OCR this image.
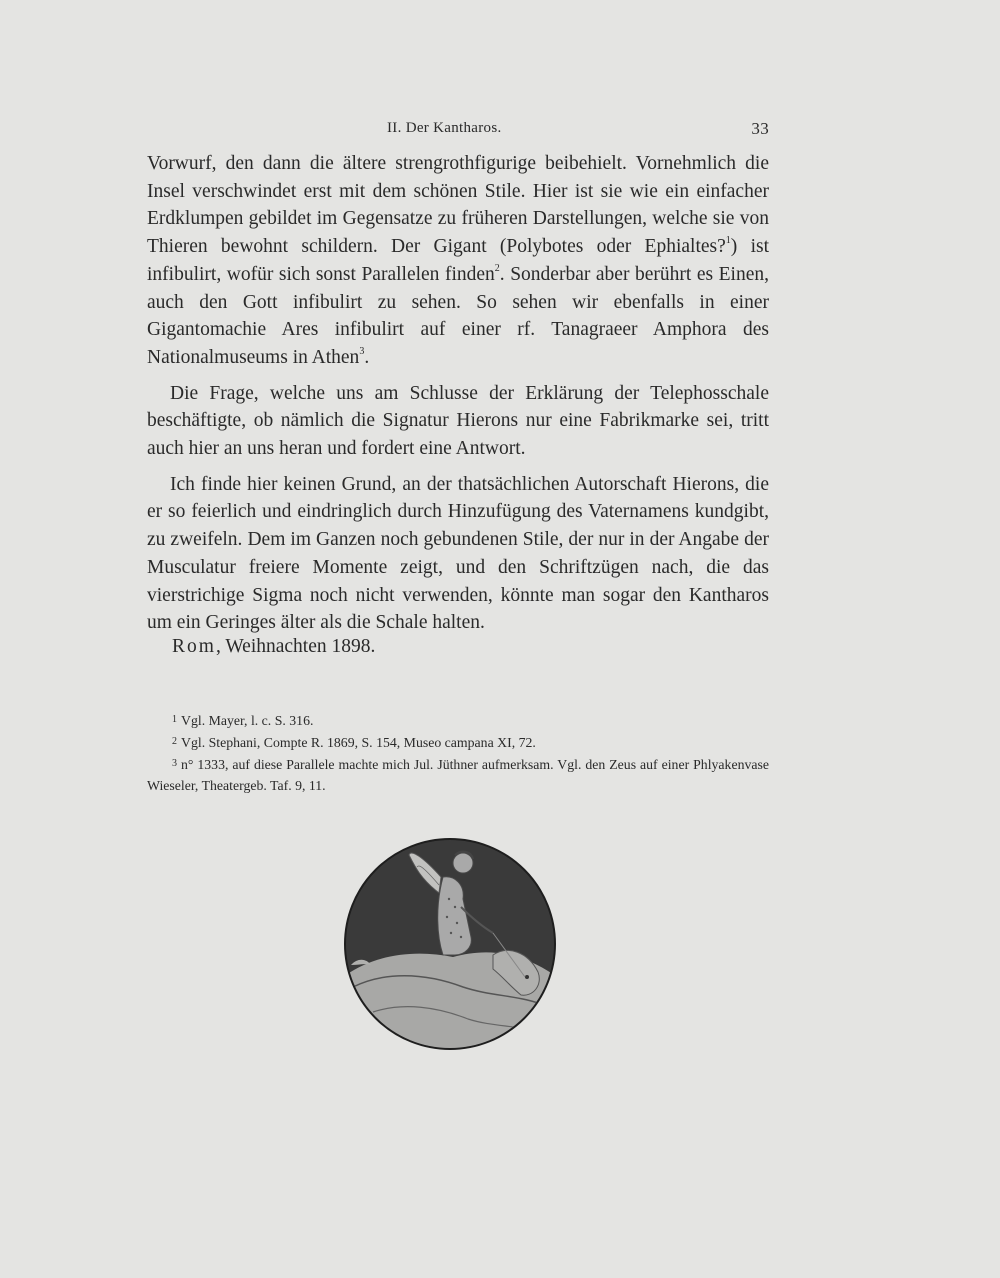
II. Der Kantharos.	33

Vorwurf, den dann die ältere strengrothfigurige beibehielt. Vornehmlich die Insel verschwindet erst mit dem schönen Stile. Hier ist sie wie ein einfacher Erdklumpen gebildet im Gegensatze zu früheren Darstellungen, welche sie von Thieren bewohnt schildern. Der Gigant (Polybotes oder Ephialtes?$^1$) ist infibulirt, wofür sich sonst Parallelen finden$^2$. Sonderbar aber berührt es Einen, auch den Gott infibulirt zu sehen. So sehen wir ebenfalls in einer Gigantomachie Ares infibulirt auf einer rf. Tanagraeer Amphora des Nationalmuseums in Athen$^3$.

Die Frage, welche uns am Schlusse der Erklärung der Telephosschale beschäftigte, ob nämlich die Signatur Hierons nur eine Fabrikmarke sei, tritt auch hier an uns heran und fordert eine Antwort.

Ich finde hier keinen Grund, an der thatsächlichen Autorschaft Hierons, die er so feierlich und eindringlich durch Hinzufügung des Vaternamens kundgibt, zu zweifeln. Dem im Ganzen noch gebundenen Stile, der nur in der Angabe der Musculatur freiere Momente zeigt, und den Schriftzügen nach, die das vierstrichige Sigma noch nicht verwenden, könnte man sogar den Kantharos um ein Geringes älter als die Schale halten.

Rom, Weihnachten 1898.

$^1$ Vgl. Mayer, l. c. S. 316.

$^2$ Vgl. Stephani, Compte R. 1869, S. 154, Museo campana XI, 72.

$^3$ n° 1333, auf diese Parallele machte mich Jul. Jüthner aufmerksam. Vgl. den Zeus auf einer Phlyakenvase Wieseler, Theatergeb. Taf. 9, 11.
